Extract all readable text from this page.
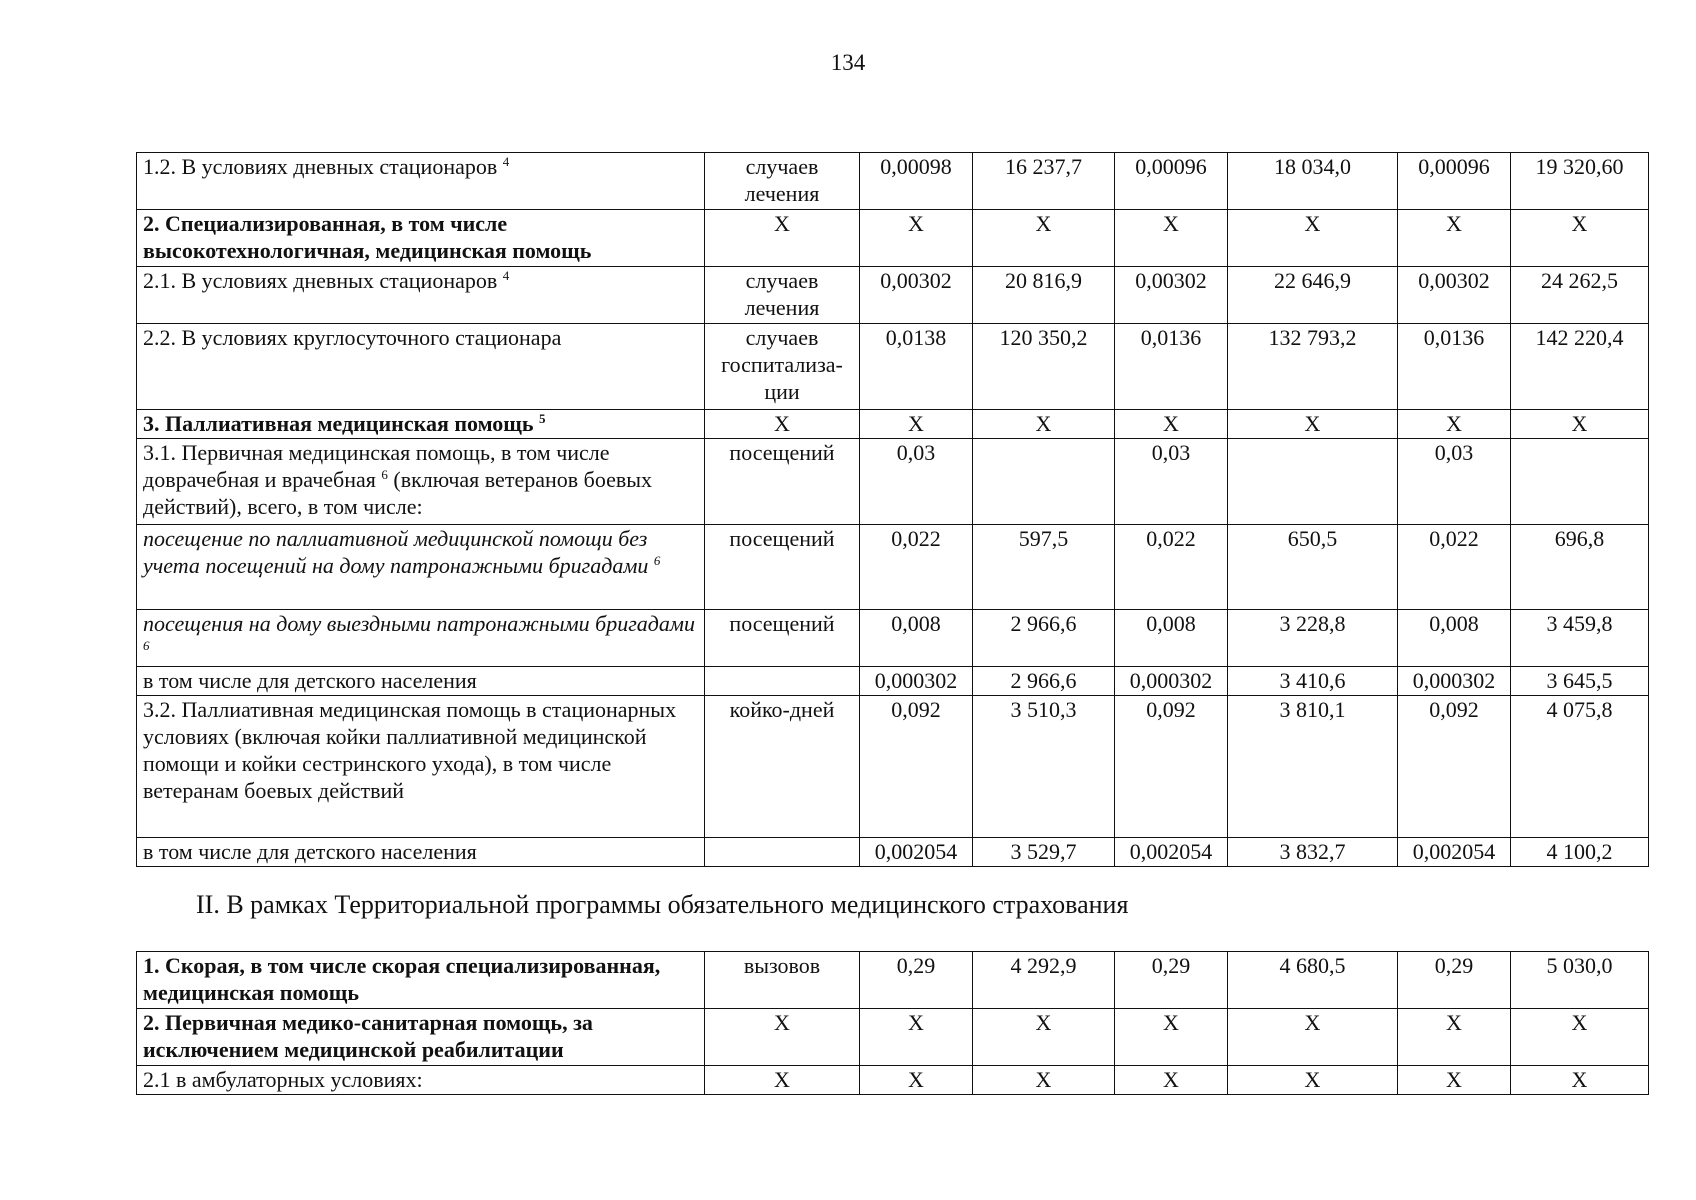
134
1.2. В условиях дневных стационаров $^4$	случаев лечения	0,00098	16 237,7	0,00096	18 034,0	0,00096	19 320,60
2. Специализированная, в том числе высокотехнологичная, медицинская помощь	Х	Х	Х	Х	Х	Х	Х
2.1. В условиях дневных стационаров $^4$	случаев лечения	0,00302	20 816,9	0,00302	22 646,9	0,00302	24 262,5
2.2. В условиях круглосуточного стационара	случаев госпитализа-ции	0,0138	120 350,2	0,0136	132 793,2	0,0136	142 220,4
3. Паллиативная медицинская помощь $^5$	Х	Х	Х	Х	Х	Х	Х
3.1. Первичная медицинская помощь, в том числе доврачебная и врачебная $^6$ (включая ветеранов боевых действий), всего, в том числе:	посещений	0,03		0,03		0,03	
посещение по паллиативной медицинской помощи без учета посещений на дому патронажными бригадами $^6$	посещений	0,022	597,5	0,022	650,5	0,022	696,8
посещения на дому выездными патронажными бригадами $^6$	посещений	0,008	2 966,6	0,008	3 228,8	0,008	3 459,8
в том числе для детского населения		0,000302	2 966,6	0,000302	3 410,6	0,000302	3 645,5
3.2. Паллиативная медицинская помощь в стационарных условиях (включая койки паллиативной медицинской помощи и койки сестринского ухода), в том числе ветеранам боевых действий	койко-дней	0,092	3 510,3	0,092	3 810,1	0,092	4 075,8
в том числе для детского населения		0,002054	3 529,7	0,002054	3 832,7	0,002054	4 100,2
II. В рамках Территориальной программы обязательного медицинского страхования
1. Скорая, в том числе скорая специализированная, медицинская помощь	вызовов	0,29	4 292,9	0,29	4 680,5	0,29	5 030,0
2. Первичная медико-санитарная помощь, за исключением медицинской реабилитации	Х	Х	Х	Х	Х	Х	Х
2.1 в амбулаторных условиях:	Х	Х	Х	Х	Х	Х	Х
